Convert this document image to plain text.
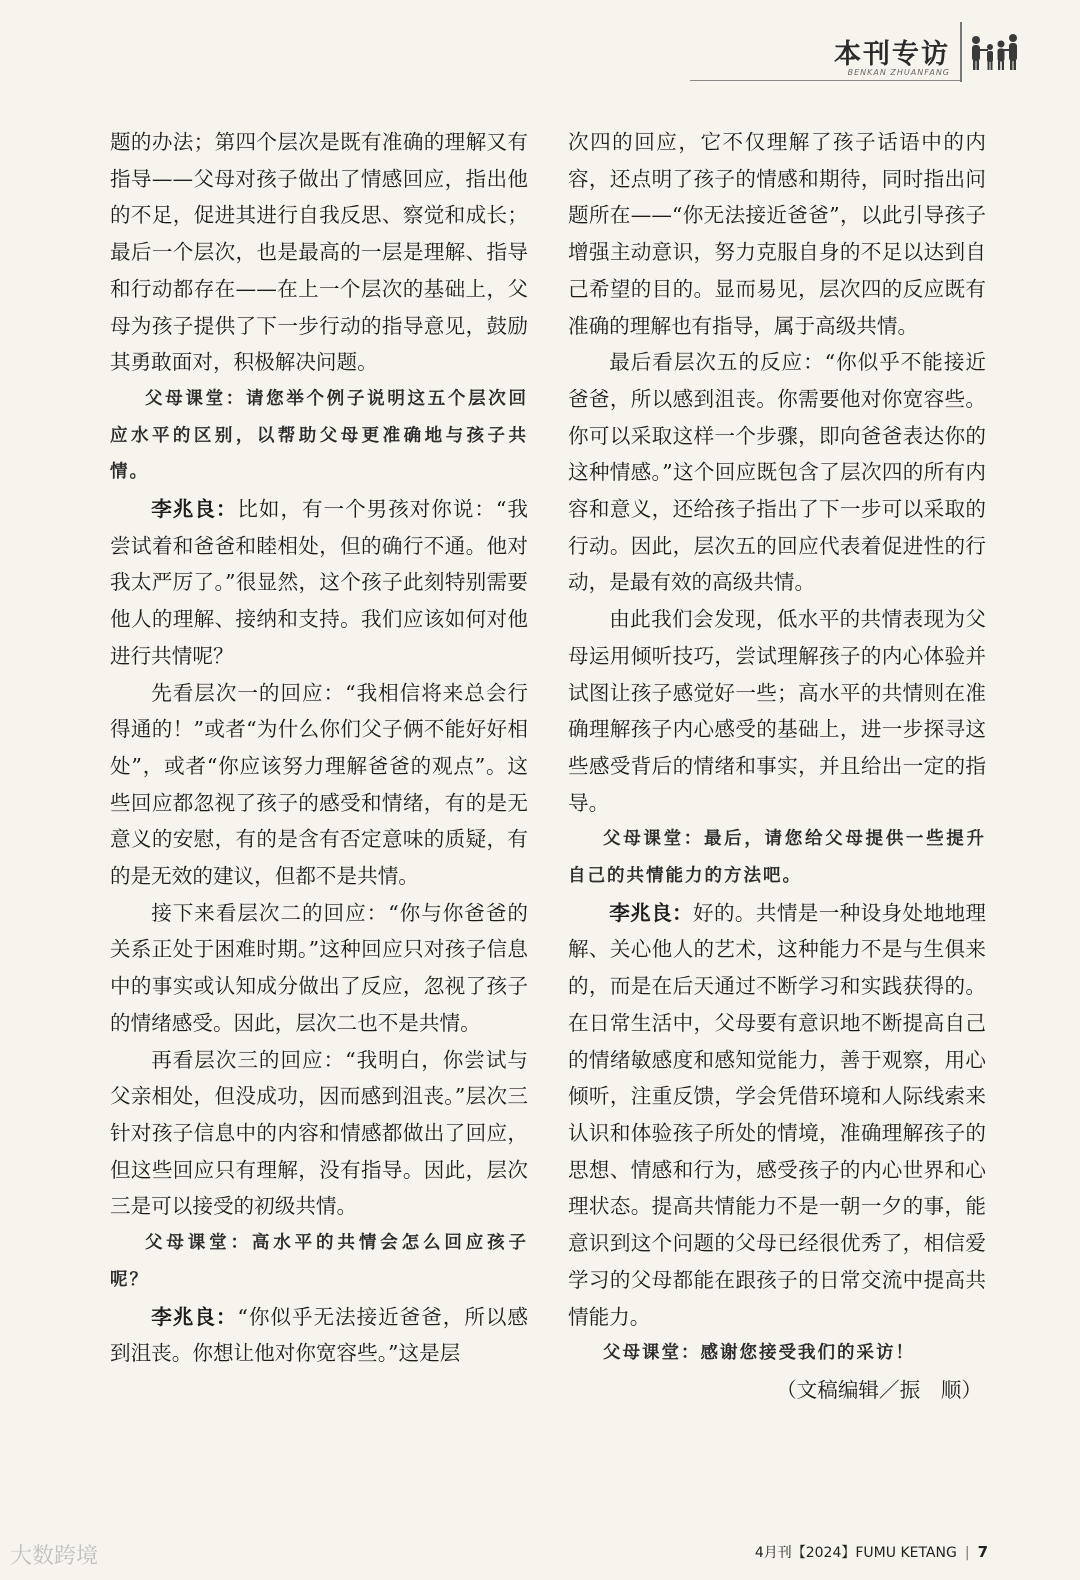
本刊专访
BENKAN ZHUANFANG

题的办法；第四个层次是既有准确的理解又有指导——父母对孩子做出了情感回应，指出他的不足，促进其进行自我反思、察觉和成长；最后一个层次，也是最高的一层是理解、指导和行动都存在——在上一个层次的基础上，父母为孩子提供了下一步行动的指导意见，鼓励其勇敢面对，积极解决问题。

父母课堂：请您举个例子说明这五个层次回应水平的区别，以帮助父母更准确地与孩子共情。

李兆良：比如，有一个男孩对你说：“我尝试着和爸爸和睦相处，但的确行不通。他对我太严厉了。”很显然，这个孩子此刻特别需要他人的理解、接纳和支持。我们应该如何对他进行共情呢？

先看层次一的回应：“我相信将来总会行得通的！”或者“为什么你们父子俩不能好好相处”，或者“你应该努力理解爸爸的观点”。这些回应都忽视了孩子的感受和情绪，有的是无意义的安慰，有的是含有否定意味的质疑，有的是无效的建议，但都不是共情。

接下来看层次二的回应：“你与你爸爸的关系正处于困难时期。”这种回应只对孩子信息中的事实或认知成分做出了反应，忽视了孩子的情绪感受。因此，层次二也不是共情。

再看层次三的回应：“我明白，你尝试与父亲相处，但没成功，因而感到沮丧。”层次三针对孩子信息中的内容和情感都做出了回应，但这些回应只有理解，没有指导。因此，层次三是可以接受的初级共情。

父母课堂：高水平的共情会怎么回应孩子呢？

李兆良：“你似乎无法接近爸爸，所以感到沮丧。你想让他对你宽容些。”这是层

次四的回应，它不仅理解了孩子话语中的内容，还点明了孩子的情感和期待，同时指出问题所在——“你无法接近爸爸”，以此引导孩子增强主动意识，努力克服自身的不足以达到自己希望的目的。显而易见，层次四的反应既有准确的理解也有指导，属于高级共情。

最后看层次五的反应：“你似乎不能接近爸爸，所以感到沮丧。你需要他对你宽容些。你可以采取这样一个步骤，即向爸爸表达你的这种情感。”这个回应既包含了层次四的所有内容和意义，还给孩子指出了下一步可以采取的行动。因此，层次五的回应代表着促进性的行动，是最有效的高级共情。

由此我们会发现，低水平的共情表现为父母运用倾听技巧，尝试理解孩子的内心体验并试图让孩子感觉好一些；高水平的共情则在准确理解孩子内心感受的基础上，进一步探寻这些感受背后的情绪和事实，并且给出一定的指导。

父母课堂：最后，请您给父母提供一些提升自己的共情能力的方法吧。

李兆良：好的。共情是一种设身处地地理解、关心他人的艺术，这种能力不是与生俱来的，而是在后天通过不断学习和实践获得的。在日常生活中，父母要有意识地不断提高自己的情绪敏感度和感知觉能力，善于观察，用心倾听，注重反馈，学会凭借环境和人际线索来认识和体验孩子所处的情境，准确理解孩子的思想、情感和行为，感受孩子的内心世界和心理状态。提高共情能力不是一朝一夕的事，能意识到这个问题的父母已经很优秀了，相信爱学习的父母都能在跟孩子的日常交流中提高共情能力。

父母课堂：感谢您接受我们的采访！

（文稿编辑／振　顺）

4月刊【2024】FUMU KETANG | 7
大数跨境
